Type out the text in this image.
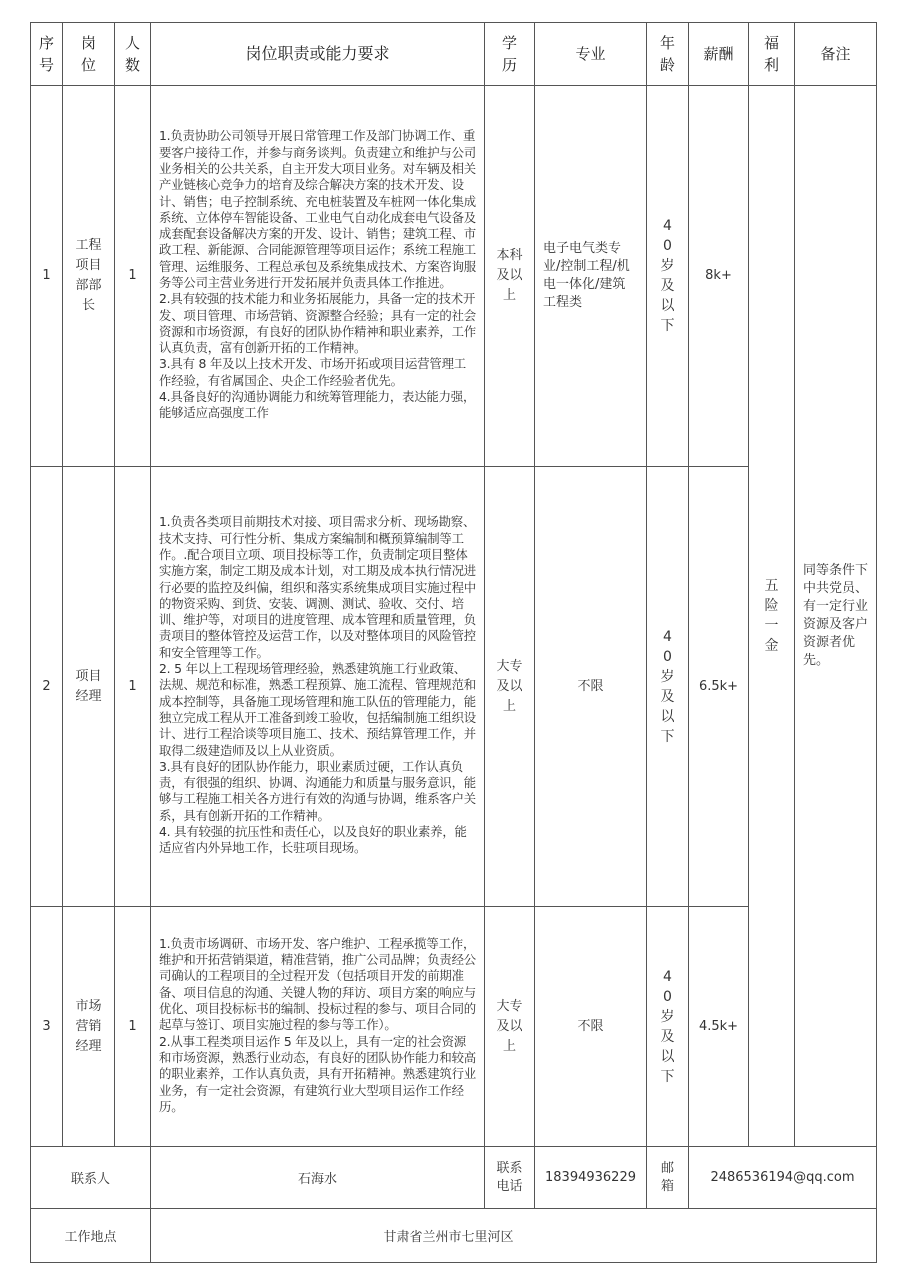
序号	岗位	人数	岗位职责或能力要求	学历	专业	年龄	薪酬	福利	备注
1	工程项目部部长	1	1.负责协助公司领导开展日常管理工作及部门协调工作、重要客户接待工作，并参与商务谈判。负责建立和维护与公司业务相关的公共关系，自主开发大项目业务。对车辆及相关产业链核心竞争力的培育及综合解决方案的技术开发、设计、销售；电子控制系统、充电桩装置及车桩网一体化集成系统、立体停车智能设备、工业电气自动化成套电气设备及成套配套设备解决方案的开发、设计、销售；建筑工程、市政工程、新能源、合同能源管理等项目运作；系统工程施工管理、运维服务、工程总承包及系统集成技术、方案咨询服务等公司主营业务进行开发拓展并负责具体工作推进。

2.具有较强的技术能力和业务拓展能力，具备一定的技术开发、项目管理、市场营销、资源整合经验；具有一定的社会资源和市场资源，有良好的团队协作精神和职业素养，工作认真负责，富有创新开拓的工作精神。

3.具有 8 年及以上技术开发、市场开拓或项目运营管理工作经验，有省属国企、央企工作经验者优先。

4.具备良好的沟通协调能力和统筹管理能力，表达能力强，能够适应高强度工作	本科及以上	电子电气类专业/控制工程/机电一体化/建筑工程类	40岁及以下	8k+	五险一金	同等条件下中共党员、有一定行业资源及客户资源者优先。
2	项目经理	1	1.负责各类项目前期技术对接、项目需求分析、现场勘察、技术支持、可行性分析、集成方案编制和概预算编制等工作。.配合项目立项、项目投标等工作，负责制定项目整体实施方案，制定工期及成本计划，对工期及成本执行情况进行必要的监控及纠偏，组织和落实系统集成项目实施过程中的物资采购、到货、安装、调测、测试、验收、交付、培训、维护等，对项目的进度管理、成本管理和质量管理，负责项目的整体管控及运营工作，以及对整体项目的风险管控和安全管理等工作。

2. 5 年以上工程现场管理经验，熟悉建筑施工行业政策、法规、规范和标准，熟悉工程预算、施工流程、管理规范和成本控制等，具备施工现场管理和施工队伍的管理能力，能独立完成工程从开工准备到竣工验收，包括编制施工组织设计、进行工程洽谈等项目施工、技术、预结算管理工作，并取得二级建造师及以上从业资质。

3.具有良好的团队协作能力，职业素质过硬，工作认真负责，有很强的组织、协调、沟通能力和质量与服务意识，能够与工程施工相关各方进行有效的沟通与协调，维系客户关系，具有创新开拓的工作精神。

4. 具有较强的抗压性和责任心，以及良好的职业素养，能适应省内外异地工作，长驻项目现场。	大专及以上	不限	40岁及以下	6.5k+		
3	市场营销经理	1	1.负责市场调研、市场开发、客户维护、工程承揽等工作，维护和开拓营销渠道，精准营销，推广公司品牌；负责经公司确认的工程项目的全过程开发（包括项目开发的前期准备、项目信息的沟通、关键人物的拜访、项目方案的响应与优化、项目投标标书的编制、投标过程的参与、项目合同的起草与签订、项目实施过程的参与等工作）。

2.从事工程类项目运作 5 年及以上，具有一定的社会资源和市场资源，熟悉行业动态，有良好的团队协作能力和较高的职业素养，工作认真负责，具有开拓精神。熟悉建筑行业业务，有一定社会资源，有建筑行业大型项目运作工作经历。	大专及以上	不限	40岁及以下	4.5k+		
联系人			石海水	联系电话	18394936229	邮箱	2486536194@qq.com		
工作地点			甘肃省兰州市七里河区						
